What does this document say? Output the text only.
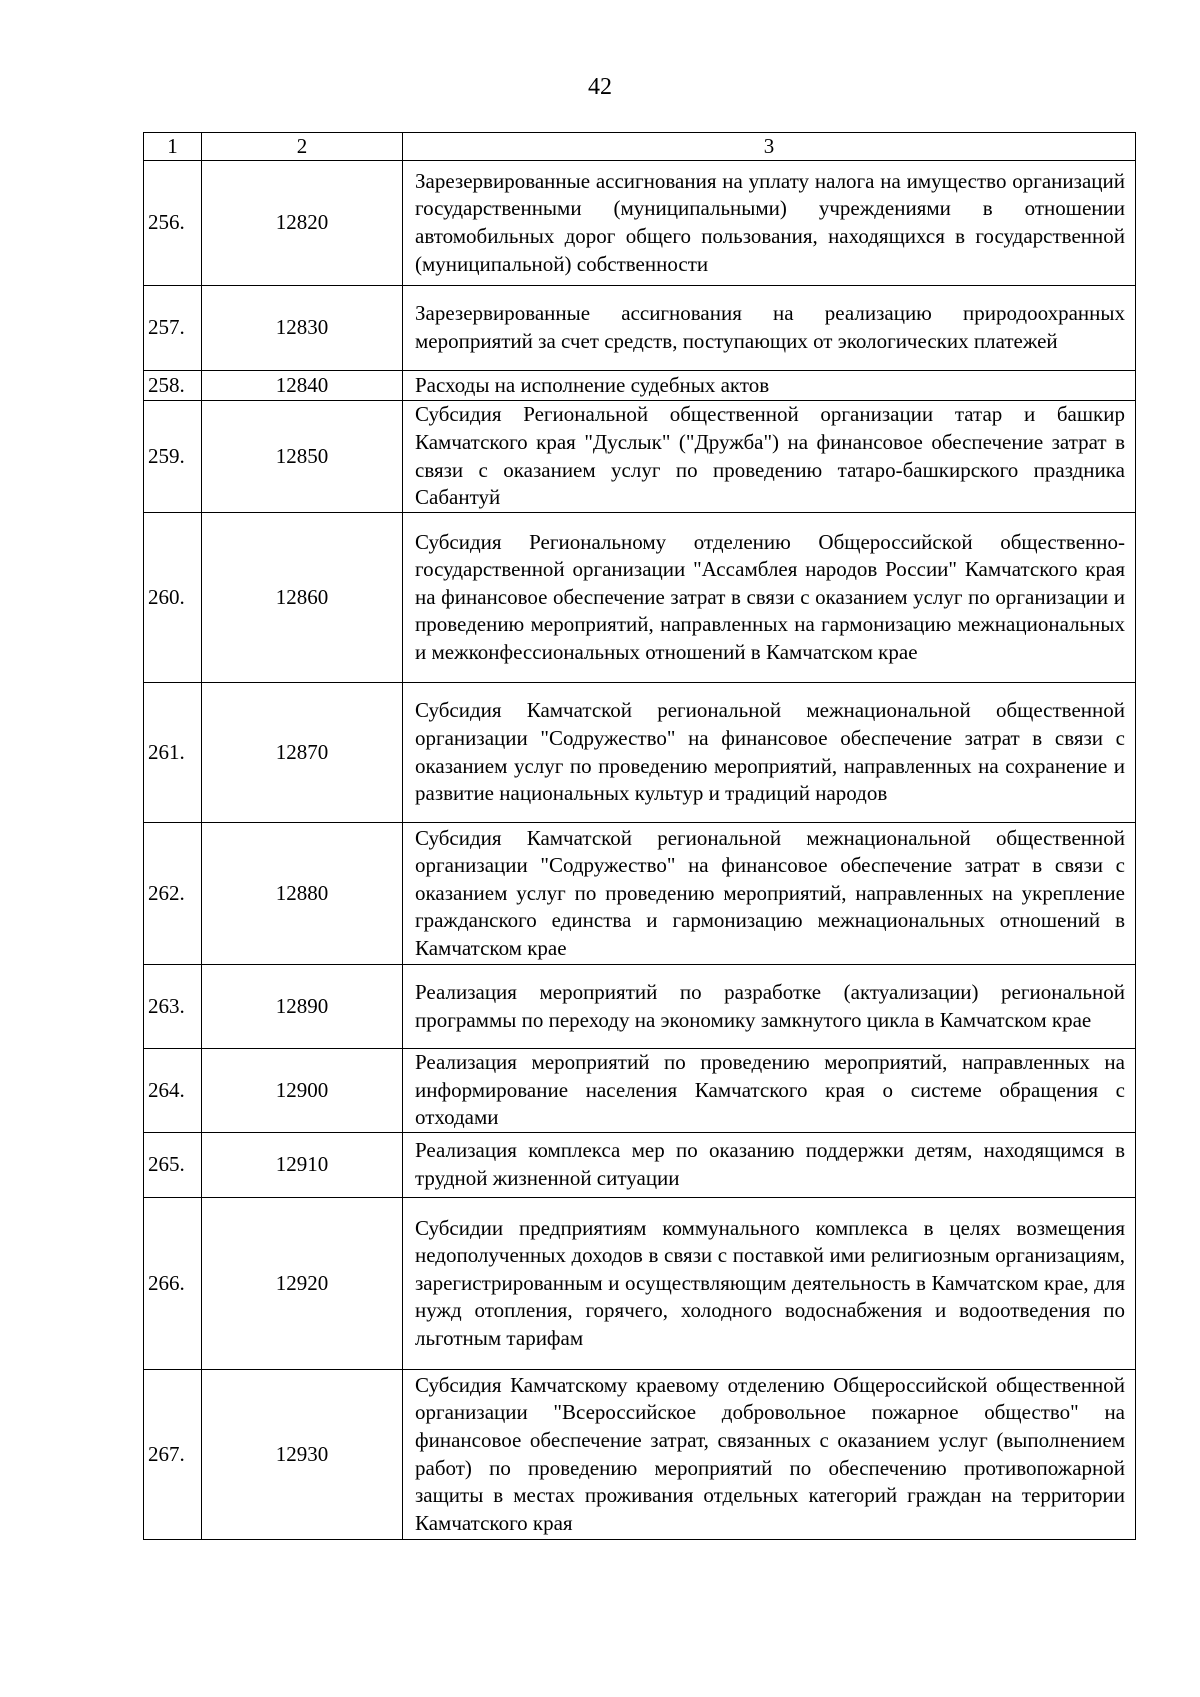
42
1	2	3
256.	12820	Зарезервированные ассигнования на уплату налога на имущество организаций государственными (муниципальными) учреждениями в отношении автомобильных дорог общего пользования, находящихся в государственной (муниципальной) собственности
257.	12830	Зарезервированные ассигнования на реализацию природоохранных мероприятий за счет средств, поступающих от экологических платежей
258.	12840	Расходы на исполнение судебных актов
259.	12850	Субсидия Региональной общественной организации татар и башкир Камчатского края "Дуслык" ("Дружба") на финансовое обеспечение затрат в связи с оказанием услуг по проведению татаро-башкирского праздника Сабантуй
260.	12860	Субсидия Региональному отделению Общероссийской общественно-государственной организации "Ассамблея народов России" Камчатского края на финансовое обеспечение затрат в связи с оказанием услуг по организации и проведению мероприятий, направленных на гармонизацию межнациональных и межконфессиональных отношений в Камчатском крае
261.	12870	Субсидия Камчатской региональной межнациональной общественной организации "Содружество" на финансовое обеспечение затрат в связи с оказанием услуг по проведению мероприятий, направленных на сохранение и развитие национальных культур и традиций народов
262.	12880	Субсидия Камчатской региональной межнациональной общественной организации "Содружество" на финансовое обеспечение затрат в связи с оказанием услуг по проведению мероприятий, направленных на укрепление гражданского единства и гармонизацию межнациональных отношений в Камчатском крае
263.	12890	Реализация мероприятий по разработке (актуализации) региональной программы по переходу на экономику замкнутого цикла в Камчатском крае
264.	12900	Реализация мероприятий по проведению мероприятий, направленных на информирование населения Камчатского края о системе обращения с отходами
265.	12910	Реализация комплекса мер по оказанию поддержки детям, находящимся в трудной жизненной ситуации
266.	12920	Субсидии предприятиям коммунального комплекса в целях возмещения недополученных доходов в связи с поставкой ими религиозным организациям, зарегистрированным и осуществляющим деятельность в Камчатском крае, для нужд отопления, горячего, холодного водоснабжения и водоотведения по льготным тарифам
267.	12930	Субсидия Камчатскому краевому отделению Общероссийской общественной организации "Всероссийское добровольное пожарное общество" на финансовое обеспечение затрат, связанных с оказанием услуг (выполнением работ) по проведению мероприятий по обеспечению противопожарной защиты в местах проживания отдельных категорий граждан на территории Камчатского края
